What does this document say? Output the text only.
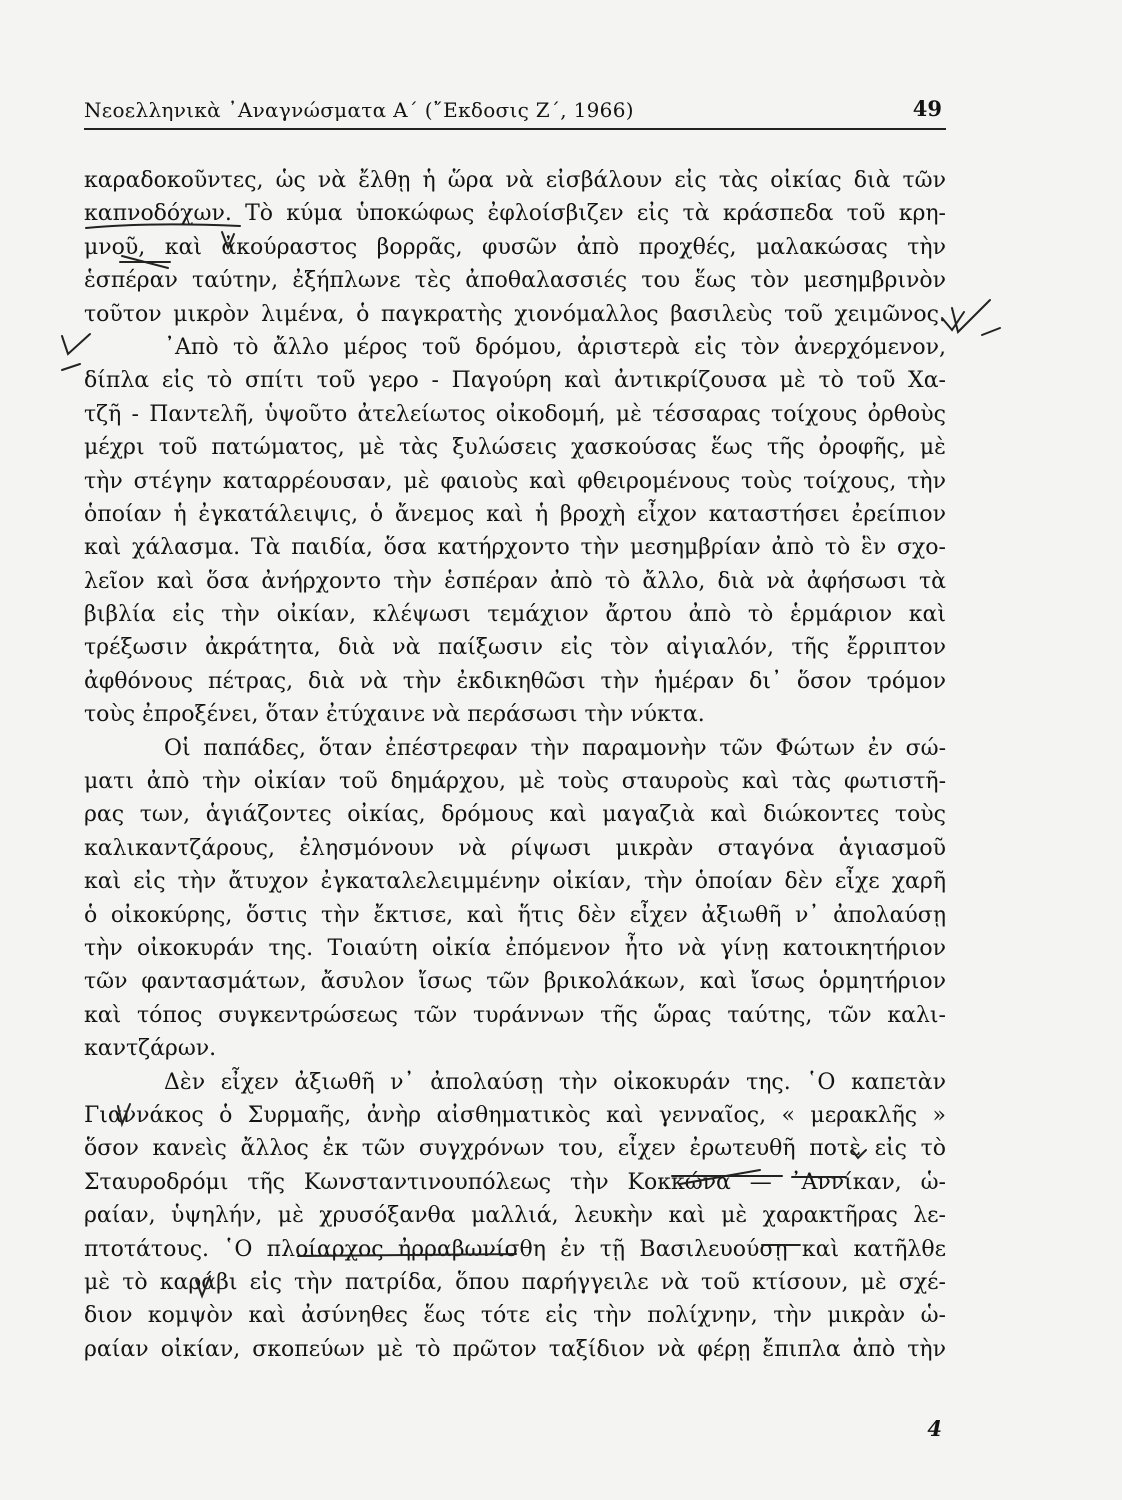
Νεοελληνικὰ ᾿Αναγνώσματα Α´ (῎Εκδοσις Ζ´, 1966)	49
καραδοκοῦντες, ὡς νὰ ἔλθῃ ἡ ὥρα νὰ εἰσβάλουν εἰς τὰς οἰκίας διὰ τῶν
καπνοδόχων. Τὸ κύμα ὑποκώφως ἐφλοίσβιζεν εἰς τὰ κράσπεδα τοῦ κρη-
μνοῦ, καὶ ἀκούραστος βορρᾶς, φυσῶν ἀπὸ προχθές, μαλακώσας τὴν
ἑσπέραν ταύτην, ἐξήπλωνε τὲς ἀποθαλασσιές του ἕως τὸν μεσημβρινὸν
τοῦτον μικρὸν λιμένα, ὁ παγκρατὴς χιονόμαλλος βασιλεὺς τοῦ χειμῶνος.
᾿Απὸ τὸ ἄλλο μέρος τοῦ δρόμου, ἀριστερὰ εἰς τὸν ἀνερχόμενον,
δίπλα εἰς τὸ σπίτι τοῦ γερο - Παγούρη καὶ ἀντικρίζουσα μὲ τὸ τοῦ Χα-
τζῆ - Παντελῆ, ὑψοῦτο ἀτελείωτος οἰκοδομή, μὲ τέσσαρας τοίχους ὀρθοὺς
μέχρι τοῦ πατώματος, μὲ τὰς ξυλώσεις χασκούσας ἕως τῆς ὀροφῆς, μὲ
τὴν στέγην καταρρέουσαν, μὲ φαιοὺς καὶ φθειρομένους τοὺς τοίχους, τὴν
ὁποίαν ἡ ἐγκατάλειψις, ὁ ἄνεμος καὶ ἡ βροχὴ εἶχον καταστήσει ἐρείπιον
καὶ χάλασμα. Τὰ παιδία, ὅσα κατήρχοντο τὴν μεσημβρίαν ἀπὸ τὸ ἓν σχο-
λεῖον καὶ ὅσα ἀνήρχοντο τὴν ἑσπέραν ἀπὸ τὸ ἄλλο, διὰ νὰ ἀφήσωσι τὰ
βιβλία εἰς τὴν οἰκίαν, κλέψωσι τεμάχιον ἄρτου ἀπὸ τὸ ἑρμάριον καὶ
τρέξωσιν ἀκράτητα, διὰ νὰ παίξωσιν εἰς τὸν αἰγιαλόν, τῆς ἔρριπτον
ἀφθόνους πέτρας, διὰ νὰ τὴν ἐκδικηθῶσι τὴν ἡμέραν δι᾿ ὅσον τρόμον
τοὺς ἐπροξένει, ὅταν ἐτύχαινε νὰ περάσωσι τὴν νύκτα.
Οἱ παπάδες, ὅταν ἐπέστρεφαν τὴν παραμονὴν τῶν Φώτων ἐν σώ-
ματι ἀπὸ τὴν οἰκίαν τοῦ δημάρχου, μὲ τοὺς σταυροὺς καὶ τὰς φωτιστῆ-
ρας των, ἁγιάζοντες οἰκίας, δρόμους καὶ μαγαζιὰ καὶ διώκοντες τοὺς
καλικαντζάρους, ἐλησμόνουν νὰ ρίψωσι μικρὰν σταγόνα ἁγιασμοῦ
καὶ εἰς τὴν ἄτυχον ἐγκαταλελειμμένην οἰκίαν, τὴν ὁποίαν δὲν εἶχε χαρῆ
ὁ οἰκοκύρης, ὅστις τὴν ἔκτισε, καὶ ἥτις δὲν εἶχεν ἀξιωθῆ ν᾿ ἀπολαύσῃ
τὴν οἰκοκυράν της. Τοιαύτη οἰκία ἐπόμενον ἦτο νὰ γίνῃ κατοικητήριον
τῶν φαντασμάτων, ἄσυλον ἴσως τῶν βρικολάκων, καὶ ἴσως ὁρμητήριον
καὶ τόπος συγκεντρώσεως τῶν τυράννων τῆς ὥρας ταύτης, τῶν καλι-
καντζάρων.
Δὲν εἶχεν ἀξιωθῆ ν᾿ ἀπολαύσῃ τὴν οἰκοκυράν της. ῾Ο καπετὰν
Γιαννάκος ὁ Συρμαῆς, ἀνὴρ αἰσθηματικὸς καὶ γενναῖος, « μερακλῆς »
ὅσον κανεὶς ἄλλος ἐκ τῶν συγχρόνων του, εἶχεν ἐρωτευθῆ ποτὲ εἰς τὸ
Σταυροδρόμι τῆς Κωνσταντινουπόλεως τὴν Κοκκώνα — ᾿Αννίκαν, ὡ-
ραίαν, ὑψηλήν, μὲ χρυσόξανθα μαλλιά, λευκὴν καὶ μὲ χαρακτῆρας λε-
πτοτάτους. ῾Ο πλοίαρχος ἠρραβωνίσθη ἐν τῇ Βασιλευούσῃ καὶ κατῆλθε
μὲ τὸ καράβι εἰς τὴν πατρίδα, ὅπου παρήγγειλε νὰ τοῦ κτίσουν, μὲ σχέ-
διον κομψὸν καὶ ἀσύνηθες ἕως τότε εἰς τὴν πολίχνην, τὴν μικρὰν ὡ-
ραίαν οἰκίαν, σκοπεύων μὲ τὸ πρῶτον ταξίδιον νὰ φέρῃ ἔπιπλα ἀπὸ τὴν
4
